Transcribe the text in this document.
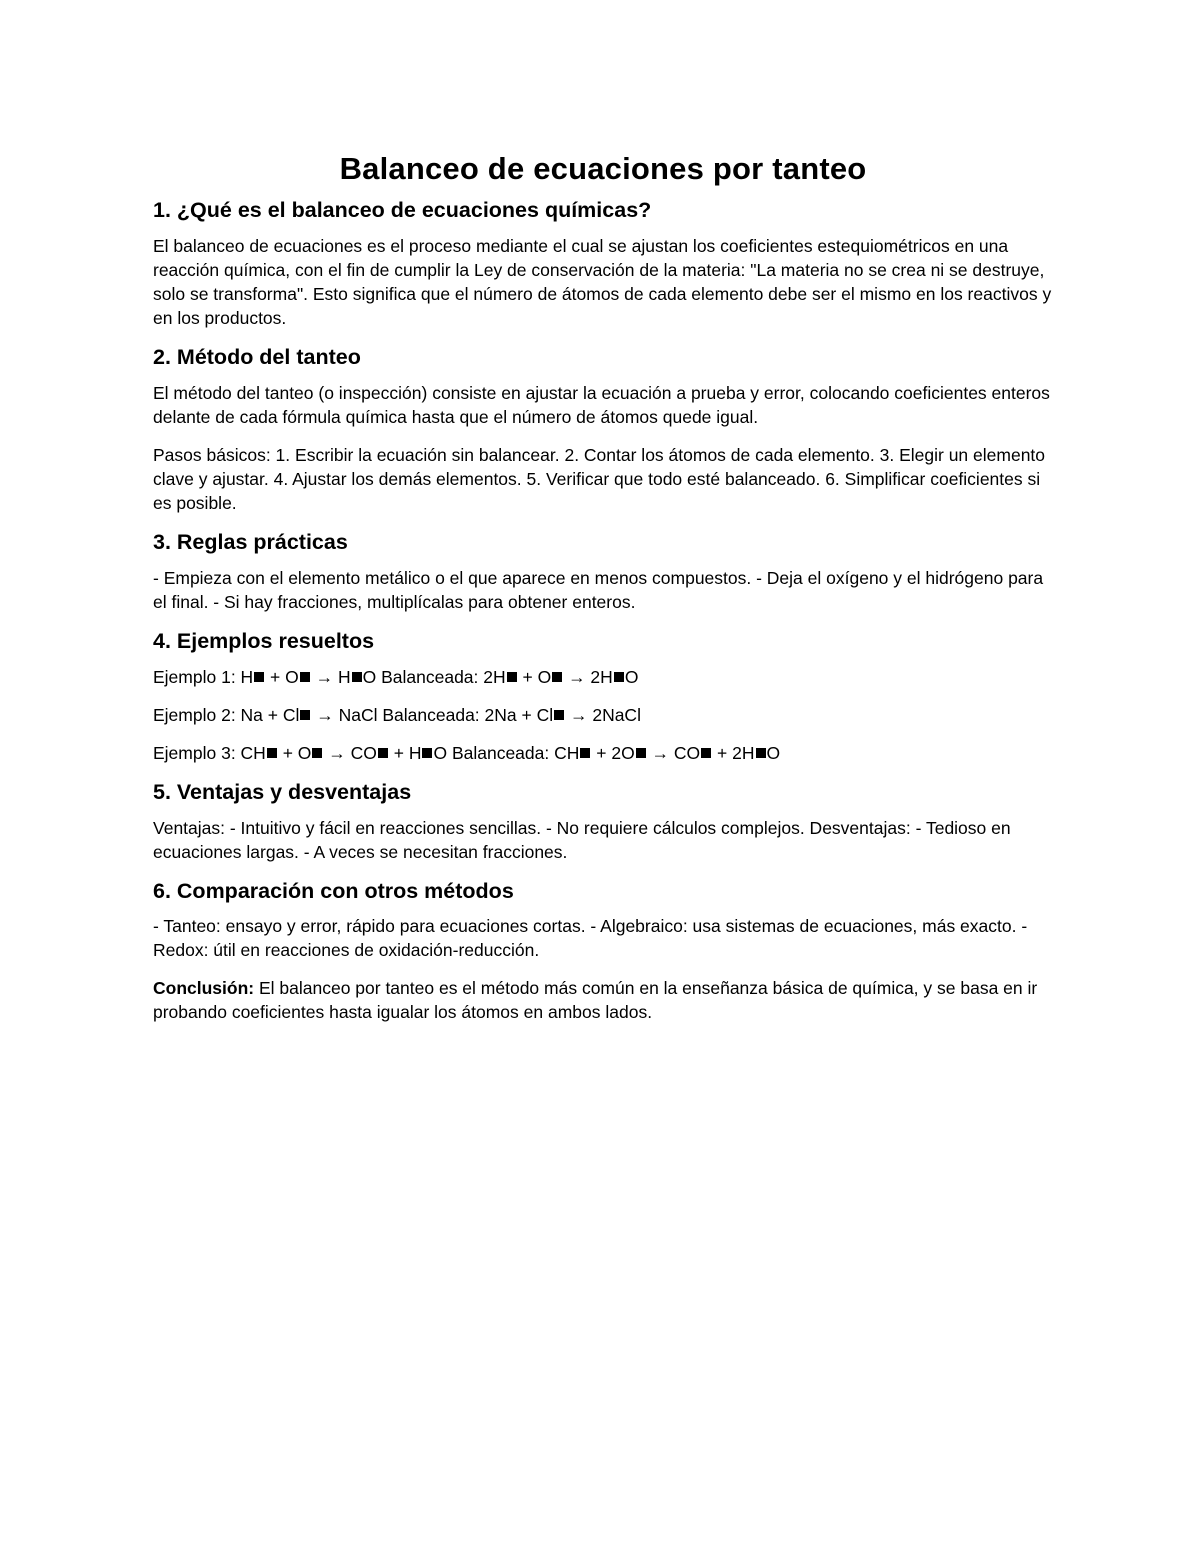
Balanceo de ecuaciones por tanteo
1. ¿Qué es el balanceo de ecuaciones químicas?

El balanceo de ecuaciones es el proceso mediante el cual se ajustan los coeficientes estequiométricos en una reacción química, con el fin de cumplir la Ley de conservación de la materia: "La materia no se crea ni se destruye, solo se transforma". Esto significa que el número de átomos de cada elemento debe ser el mismo en los reactivos y en los productos.

2. Método del tanteo

El método del tanteo (o inspección) consiste en ajustar la ecuación a prueba y error, colocando coeficientes enteros delante de cada fórmula química hasta que el número de átomos quede igual.

Pasos básicos: 1. Escribir la ecuación sin balancear. 2. Contar los átomos de cada elemento. 3. Elegir un elemento clave y ajustar. 4. Ajustar los demás elementos. 5. Verificar que todo esté balanceado. 6. Simplificar coeficientes si es posible.

3. Reglas prácticas

- Empieza con el elemento metálico o el que aparece en menos compuestos. - Deja el oxígeno y el hidrógeno para el final. - Si hay fracciones, multiplícalas para obtener enteros.

4. Ejemplos resueltos

Ejemplo 1: H + O → H O Balanceada: 2H + O → 2H O

Ejemplo 2: Na + Cl → NaCl Balanceada: 2Na + Cl → 2NaCl

Ejemplo 3: CH + O → CO + H O Balanceada: CH + 2O → CO + 2H O

5. Ventajas y desventajas

Ventajas: - Intuitivo y fácil en reacciones sencillas. - No requiere cálculos complejos. Desventajas: - Tedioso en ecuaciones largas. - A veces se necesitan fracciones.

6. Comparación con otros métodos

- Tanteo: ensayo y error, rápido para ecuaciones cortas. - Algebraico: usa sistemas de ecuaciones, más exacto. - Redox: útil en reacciones de oxidación-reducción.

Conclusión: El balanceo por tanteo es el método más común en la enseñanza básica de química, y se basa en ir probando coeficientes hasta igualar los átomos en ambos lados.
